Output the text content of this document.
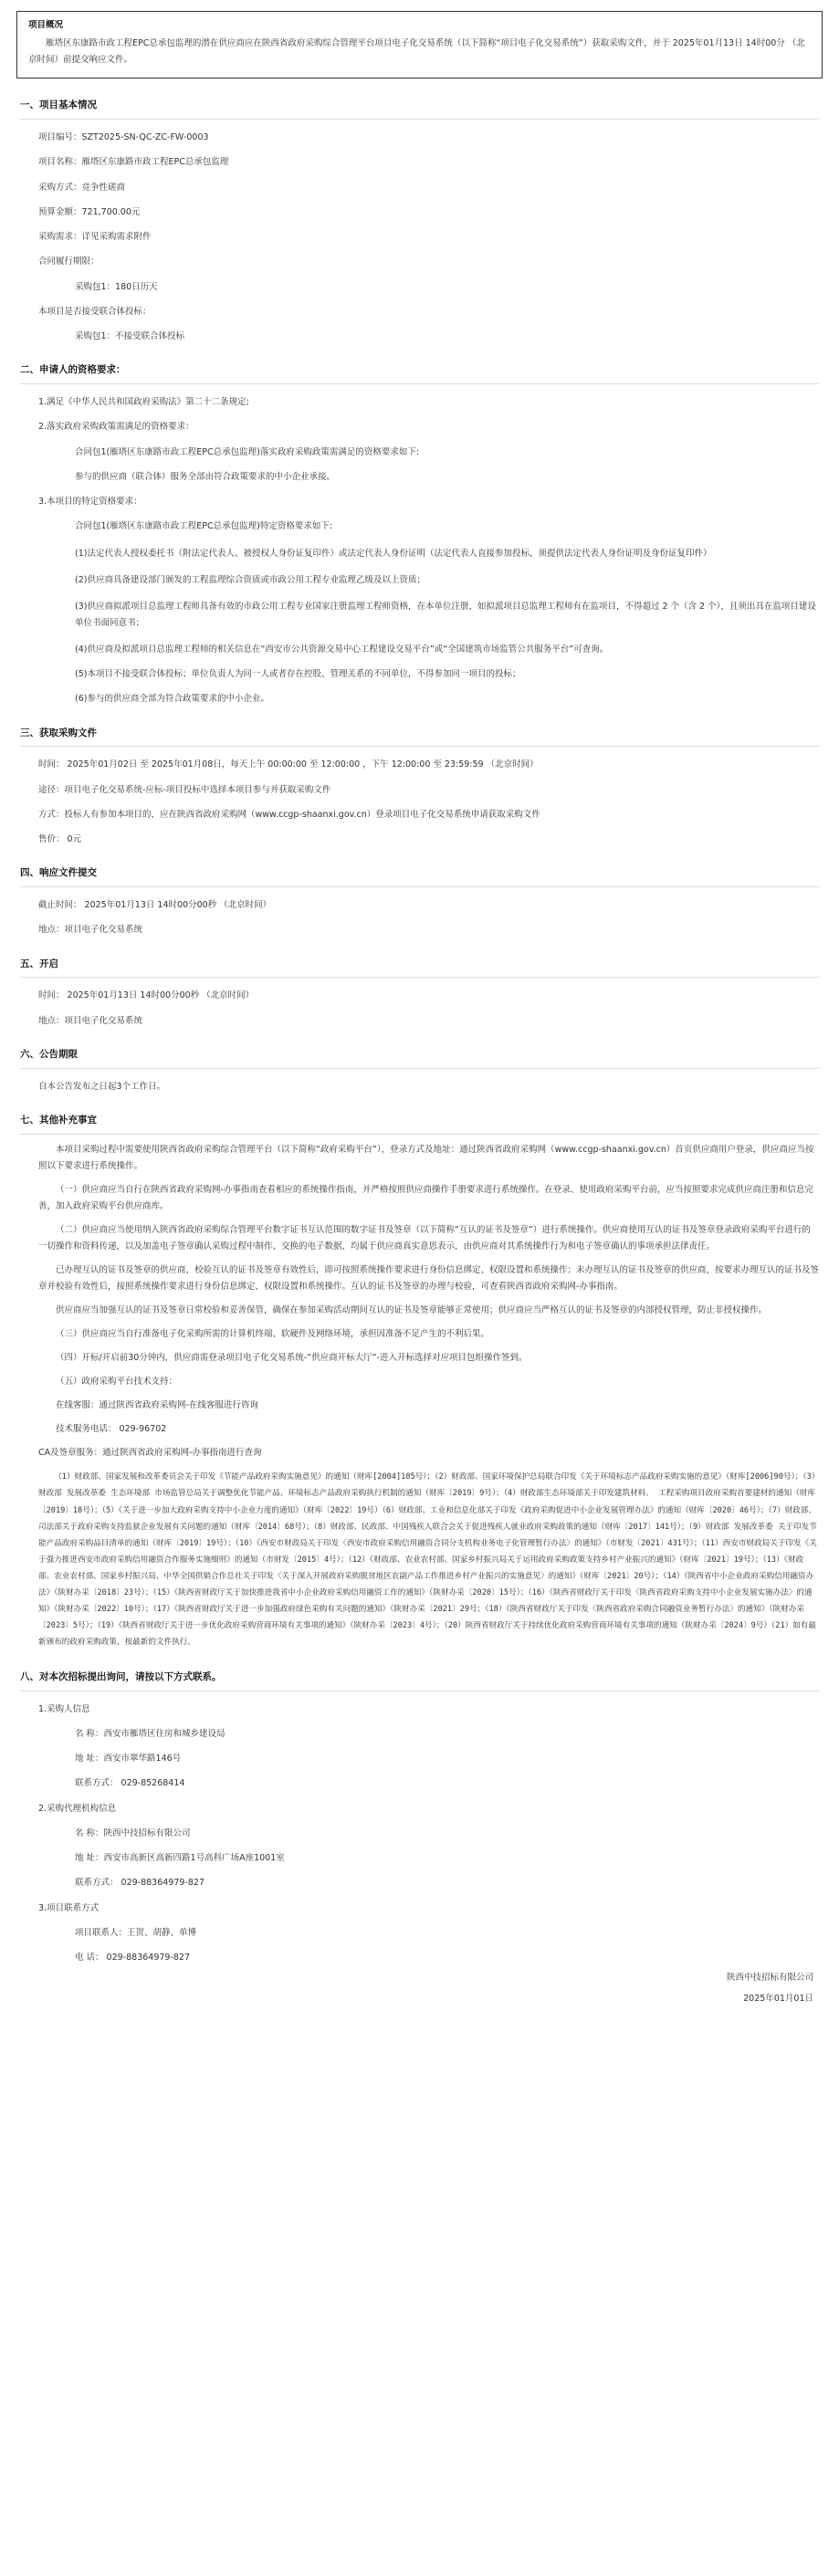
项目概况
雁塔区东康路市政工程EPC总承包监理的潜在供应商应在陕西省政府采购综合管理平台项目电子化交易系统（以下简称“项目电子化交易系统”）获取采购文件，并于 2025年01月13日 14时00分 （北京时间）前提交响应文件。
一、项目基本情况
项目编号：SZT2025-SN-QC-ZC-FW-0003
项目名称：雁塔区东康路市政工程EPC总承包监理
采购方式：竞争性磋商
预算金额：721,700.00元
采购需求：详见采购需求附件
合同履行期限：
采购包1：180日历天
本项目是否接受联合体投标：
采购包1：不接受联合体投标
二、申请人的资格要求：
1.满足《中华人民共和国政府采购法》第二十二条规定;
2.落实政府采购政策需满足的资格要求：
合同包1(雁塔区东康路市政工程EPC总承包监理)落实政府采购政策需满足的资格要求如下:
参与的供应商（联合体）服务全部由符合政策要求的中小企业承接。
3.本项目的特定资格要求：
合同包1(雁塔区东康路市政工程EPC总承包监理)特定资格要求如下:
(1)法定代表人授权委托书（附法定代表人、被授权人身份证复印件）或法定代表人身份证明（法定代表人直接参加投标，须提供法定代表人身份证明及身份证复印件）
(2)供应商具备建设部门颁发的工程监理综合资质或市政公用工程专业监理乙级及以上资质；
(3)供应商拟派项目总监理工程师具备有效的市政公用工程专业国家注册监理工程师资格，在本单位注册，如拟派项目总监理工程师有在监项目，不得超过 2 个（含 2 个），且须出具在监项目建设单位书面同意书；
(4)供应商及拟派项目总监理工程师的相关信息在“西安市公共资源交易中心工程建设交易平台”或“全国建筑市场监管公共服务平台”可查询。
(5)本项目不接受联合体投标；单位负责人为同一人或者存在控股、管理关系的不同单位，不得参加同一项目的投标；
(6)参与的供应商全部为符合政策要求的中小企业。
三、获取采购文件
时间： 2025年01月02日 至 2025年01月08日，每天上午 00:00:00 至 12:00:00 ，下午 12:00:00 至 23:59:59 （北京时间）
途径：项目电子化交易系统-应标-项目投标中选择本项目参与并获取采购文件
方式：投标人有参加本项目的，应在陕西省政府采购网（www.ccgp-shaanxi.gov.cn）登录项目电子化交易系统申请获取采购文件
售价： 0元
四、响应文件提交
截止时间： 2025年01月13日 14时00分00秒 （北京时间）
地点：项目电子化交易系统
五、开启
时间： 2025年01月13日 14时00分00秒 （北京时间）
地点：项目电子化交易系统
六、公告期限
自本公告发布之日起3个工作日。
七、其他补充事宜
本项目采购过程中需要使用陕西省政府采购综合管理平台（以下简称“政府采购平台”），登录方式及地址：通过陕西省政府采购网（www.ccgp-shaanxi.gov.cn）首页供应商用户登录，供应商应当按照以下要求进行系统操作。
（一）供应商应当自行在陕西省政府采购网-办事指南查看相应的系统操作指南，并严格按照供应商操作手册要求进行系统操作。在登录、使用政府采购平台前，应当按照要求完成供应商注册和信息完善，加入政府采购平台供应商库。
（二）供应商应当使用纳入陕西省政府采购综合管理平台数字证书互认范围的数字证书及签章（以下简称“互认的证书及签章”）进行系统操作。供应商使用互认的证书及签章登录政府采购平台进行的一切操作和资料传递，以及加盖电子签章确认采购过程中制作、交换的电子数据，均属于供应商真实意思表示，由供应商对其系统操作行为和电子签章确认的事项承担法律责任。
已办理互认的证书及签章的供应商，校验互认的证书及签章有效性后，即可按照系统操作要求进行身份信息绑定、权限设置和系统操作；未办理互认的证书及签章的供应商，按要求办理互认的证书及签章并校验有效性后，按照系统操作要求进行身份信息绑定、权限设置和系统操作。互认的证书及签章的办理与校验，可查看陕西省政府采购网-办事指南。
供应商应当加强互认的证书及签章日常校验和妥善保管，确保在参加采购活动期间互认的证书及签章能够正常使用；供应商应当严格互认的证书及签章的内部授权管理，防止非授权操作。
（三）供应商应当自行准备电子化采购所需的计算机终端、软硬件及网络环境，承担因准备不足产生的不利后果。
（四）开标/开启前30分钟内，供应商需登录项目电子化交易系统-“供应商开标大厅”-进入开标选择对应项目包组操作签到。
（五）政府采购平台技术支持：
在线客服：通过陕西省政府采购网-在线客服进行咨询
技术服务电话： 029-96702
CA及签章服务：通过陕西省政府采购网-办事指南进行查询
（1）财政部、国家发展和改革委员会关于印发《节能产品政府采购实施意见》的通知（财库[2004]185号）；（2）财政部、国家环境保护总局联合印发《关于环境标志产品政府采购实施的意见》（财库[2006]90号）；（3）财政部 发展改革委 生态环境部 市场监管总局关于调整优化节能产品、环境标志产品政府采购执行机制的通知（财库〔2019〕9号）；（4）财政部生态环境部关于印发建筑材料。 工程采购项目政府采购首要建材的通知（财库〔2019〕18号）；（5）《关于进一步加大政府采购支持中小企业力度的通知》（财库〔2022〕19号）（6）财政部、工业和信息化部关于印发《政府采购促进中小企业发展管理办法》的通知（财库〔2020〕46号）；（7）财政部、司法部关于政府采购支持监狱企业发展有关问题的通知（财库〔2014〕68号）；（8）财政部、民政部、中国残疾人联合会关于促进残疾人就业政府采购政策的通知（财库〔2017〕141号）；（9）财政部 发展改革委 关于印发节能产品政府采购品目清单的通知（财库〔2019〕19号）；（10）《西安市财政局关于印发〈西安市政府采购信用融资合同分支机构业务电子化管理暂行办法〉的通知》（市财发〔2021〕431号）；（11）西安市财政局关于印发《关于强力推进西安市政府采购信用融资合作服务实施细则》的通知（市财发〔2015〕4号）；（12）《财政部、农业农村部、国家乡村振兴局关于运用政府采购政策支持乡村产业振兴的通知》（财库〔2021〕19号）；（13）《财政部、农业农村部、国家乡村振兴局、中华全国供销合作总社关于印发〈关于深入开展政府采购脱贫地区农副产品工作推进乡村产业振兴的实施意见〉的通知》（财库〔2021〕20号）；（14）《陕西省中小企业政府采购信用融资办法》（陕财办采〔2018〕23号）；（15）《陕西省财政厅关于加快推进我省中小企业政府采购信用融资工作的通知》（陕财办采〔2020〕15号）；（16）《陕西省财政厅关于印发〈陕西省政府采购支持中小企业发展实施办法〉的通知》（陕财办采〔2022〕10号）；（17）《陕西省财政厅关于进一步加强政府绿色采购有关问题的通知》（陕财办采〔2021〕29号；（18）《陕西省财政厅关于印发〈陕西省政府采购合同融资业务暂行办法〉的通知》（陕财办采〔2023〕5号）；（19）《陕西省财政厅关于进一步优化政府采购营商环境有关事项的通知》（陕财办采〔2023〕4号）；（20）陕西省财政厅关于持续优化政府采购营商环境有关事项的通知（陕财办采〔2024〕9号）（21）如有最新颁布的政府采购政策，按最新的文件执行。
八、对本次招标提出询问，请按以下方式联系。
1.采购人信息
名 称：西安市雁塔区住房和城乡建设局
地 址：西安市翠华路146号
联系方式： 029-85268414
2.采购代理机构信息
名 称：陕西中技招标有限公司
地 址：西安市高新区高新四路1号高科广场A座1001室
联系方式： 029-88364979-827
3.项目联系方式
项目联系人：王贺、胡静、单博
电 话： 029-88364979-827
陕西中技招标有限公司
2025年01月01日
